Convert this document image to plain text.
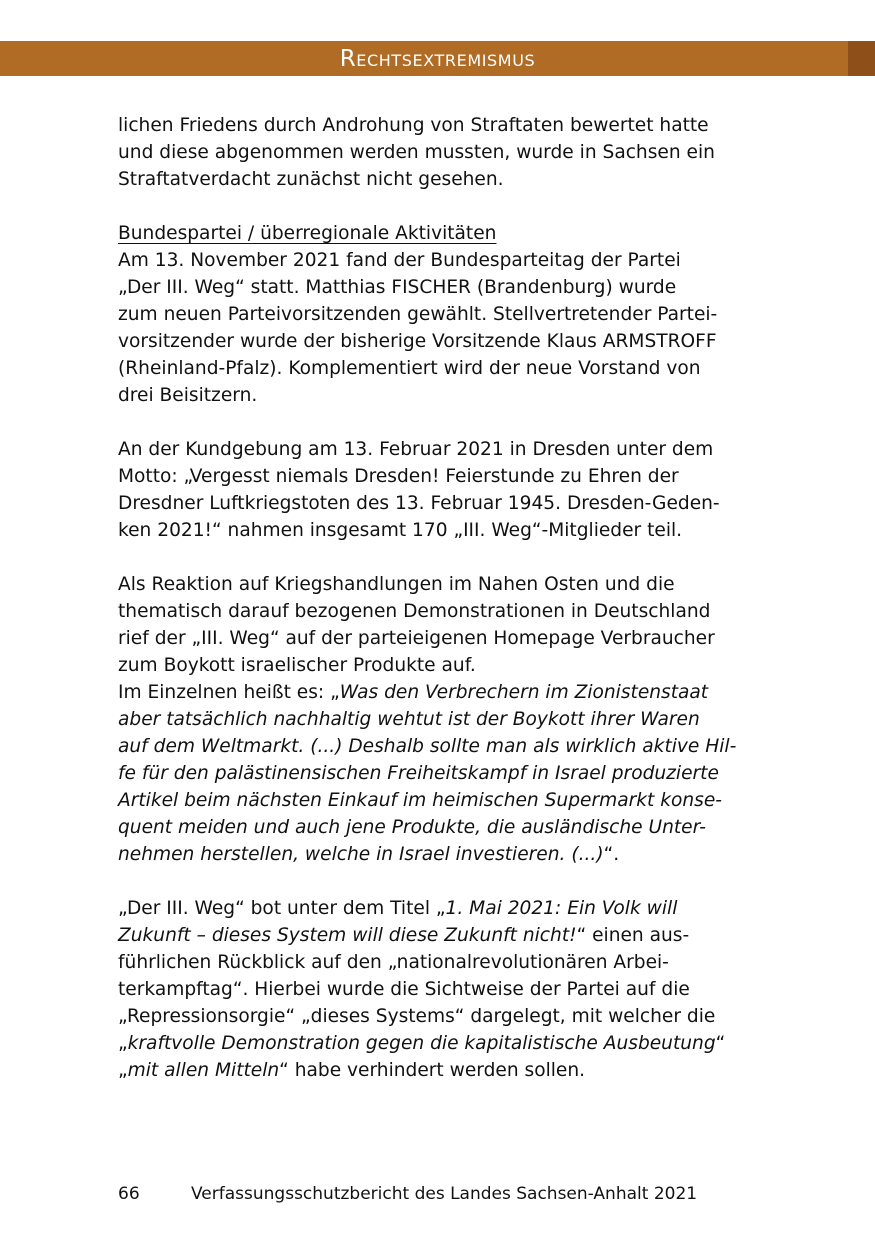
Rechtsextremismus
lichen Friedens durch Androhung von Straftaten bewertet hatte
und diese abgenommen werden mussten, wurde in Sachsen ein
Straftatverdacht zunächst nicht gesehen.
Bundespartei / überregionale Aktivitäten
Am 13. November 2021 fand der Bundesparteitag der Partei
„Der III. Weg“ statt. Matthias FISCHER (Brandenburg) wurde
zum neuen Parteivorsitzenden gewählt. Stellvertretender Partei-
vorsitzender wurde der bisherige Vorsitzende Klaus ARMSTROFF
(Rheinland-Pfalz). Komplementiert wird der neue Vorstand von
drei Beisitzern.
An der Kundgebung am 13. Februar 2021 in Dresden unter dem
Motto: „Vergesst niemals Dresden! Feierstunde zu Ehren der
Dresdner Luftkriegstoten des 13. Februar 1945. Dresden-Geden-
ken 2021!“ nahmen insgesamt 170 „III. Weg“-Mitglieder teil.
Als Reaktion auf Kriegshandlungen im Nahen Osten und die
thematisch darauf bezogenen Demonstrationen in Deutschland
rief der „III. Weg“ auf der parteieigenen Homepage Verbraucher
zum Boykott israelischer Produkte auf.
Im Einzelnen heißt es: „Was den Verbrechern im Zionistenstaat
aber tatsächlich nachhaltig wehtut ist der Boykott ihrer Waren
auf dem Weltmarkt. (...) Deshalb sollte man als wirklich aktive Hil-
fe für den palästinensischen Freiheitskampf in Israel produzierte
Artikel beim nächsten Einkauf im heimischen Supermarkt konse-
quent meiden und auch jene Produkte, die ausländische Unter-
nehmen herstellen, welche in Israel investieren. (...)“.
„Der III. Weg“ bot unter dem Titel „1. Mai 2021: Ein Volk will
Zukunft – dieses System will diese Zukunft nicht!“ einen aus-
führlichen Rückblick auf den „nationalrevolutionären Arbei-
terkampftag“. Hierbei wurde die Sichtweise der Partei auf die
„Repressionsorgie“ „dieses Systems“ dargelegt, mit welcher die
„kraftvolle Demonstration gegen die kapitalistische Ausbeutung“
„mit allen Mitteln“ habe verhindert werden sollen.
66	Verfassungsschutzbericht des Landes Sachsen-Anhalt 2021
